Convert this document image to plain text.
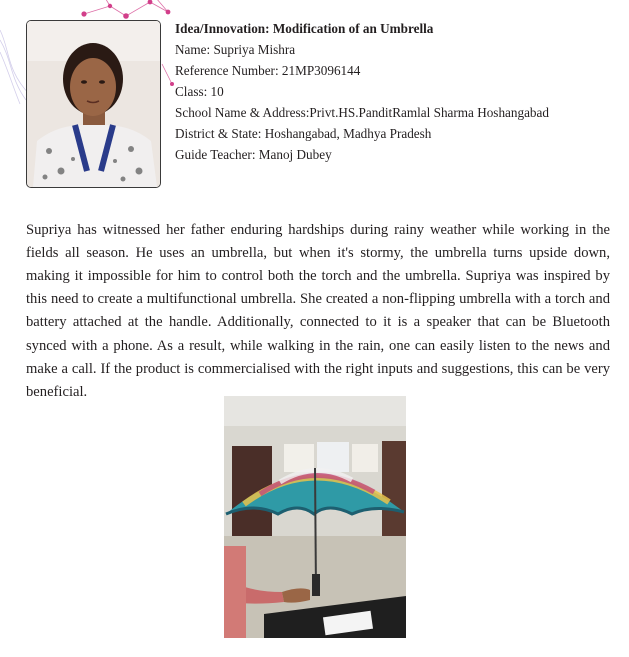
Idea/Innovation: Modification of an Umbrella
Name: Supriya Mishra
Reference Number: 21MP3096144
Class: 10
School Name & Address:Privt.HS.PanditRamlal Sharma Hoshangabad
District & State: Hoshangabad, Madhya Pradesh
Guide Teacher: Manoj Dubey

Supriya has witnessed her father enduring hardships during rainy weather while working in the fields all season. He uses an umbrella, but when it's stormy, the umbrella turns upside down, making it impossible for him to control both the torch and the umbrella. Supriya was inspired by this need to create a multifunctional umbrella. She created a non-flipping umbrella with a torch and battery attached at the handle. Additionally, connected to it is a speaker that can be Bluetooth synced with a phone. As a result, while walking in the rain, one can easily listen to the news and make a call. If the product is commercialised with the right inputs and suggestions, this can be very beneficial.
